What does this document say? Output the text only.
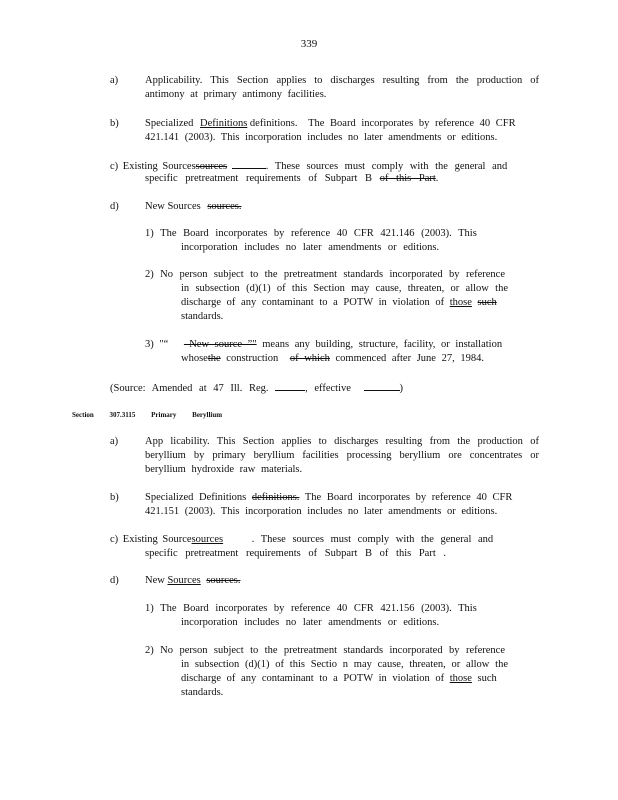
339
a)	Applicability. This Section applies to discharges resulting from the production of
antimony at primary antimony facilities.
b)	Specialized Definitions definitions. The Board incorporates by reference 40 CFR
421.141 (2003). This incorporation includes no later amendments or editions.
c) Existing Sourcessources	. These sources must comply with the general and
specific pretreatment requirements of Subpart B of this Part.
d)	New Sources sources.
1) The Board incorporates by reference 40 CFR 421.146 (2003). This
incorporation includes no later amendments or editions.
2) No person subject to the pretreatment standards incorporated by reference
in subsection (d)(1) of this Section may cause, threaten, or allow the
discharge of any contaminant to a POTW in violation of those such
standards.
3) "“ –New source ”" means any building, structure, facility, or installation
whosethe construction of which commenced after June 27, 1984.
(Source: Amended at 47 Ill. Reg.	, effective	)
Section 307.3115 Primary Beryllium
a)	App licability. This Section applies to discharges resulting from the production of
beryllium by primary beryllium facilities processing beryllium ore concentrates or
beryllium hydroxide raw materials.
b)	Specialized Definitions definitions. The Board incorporates by reference 40 CFR
421.151 (2003). This incorporation includes no later amendments or editions.
c) Existing Sourcesources	. These sources must comply with the general and
specific pretreatment requirements of Subpart B of this Part .
d)	New Sources sources.
1) The Board incorporates by reference 40 CFR 421.156 (2003). This
incorporation includes no later amendments or editions.
2) No person subject to the pretreatment standards incorporated by reference
in subsection (d)(1) of this Sectio n may cause, threaten, or allow the
discharge of any contaminant to a POTW in violation of those such
standards.
